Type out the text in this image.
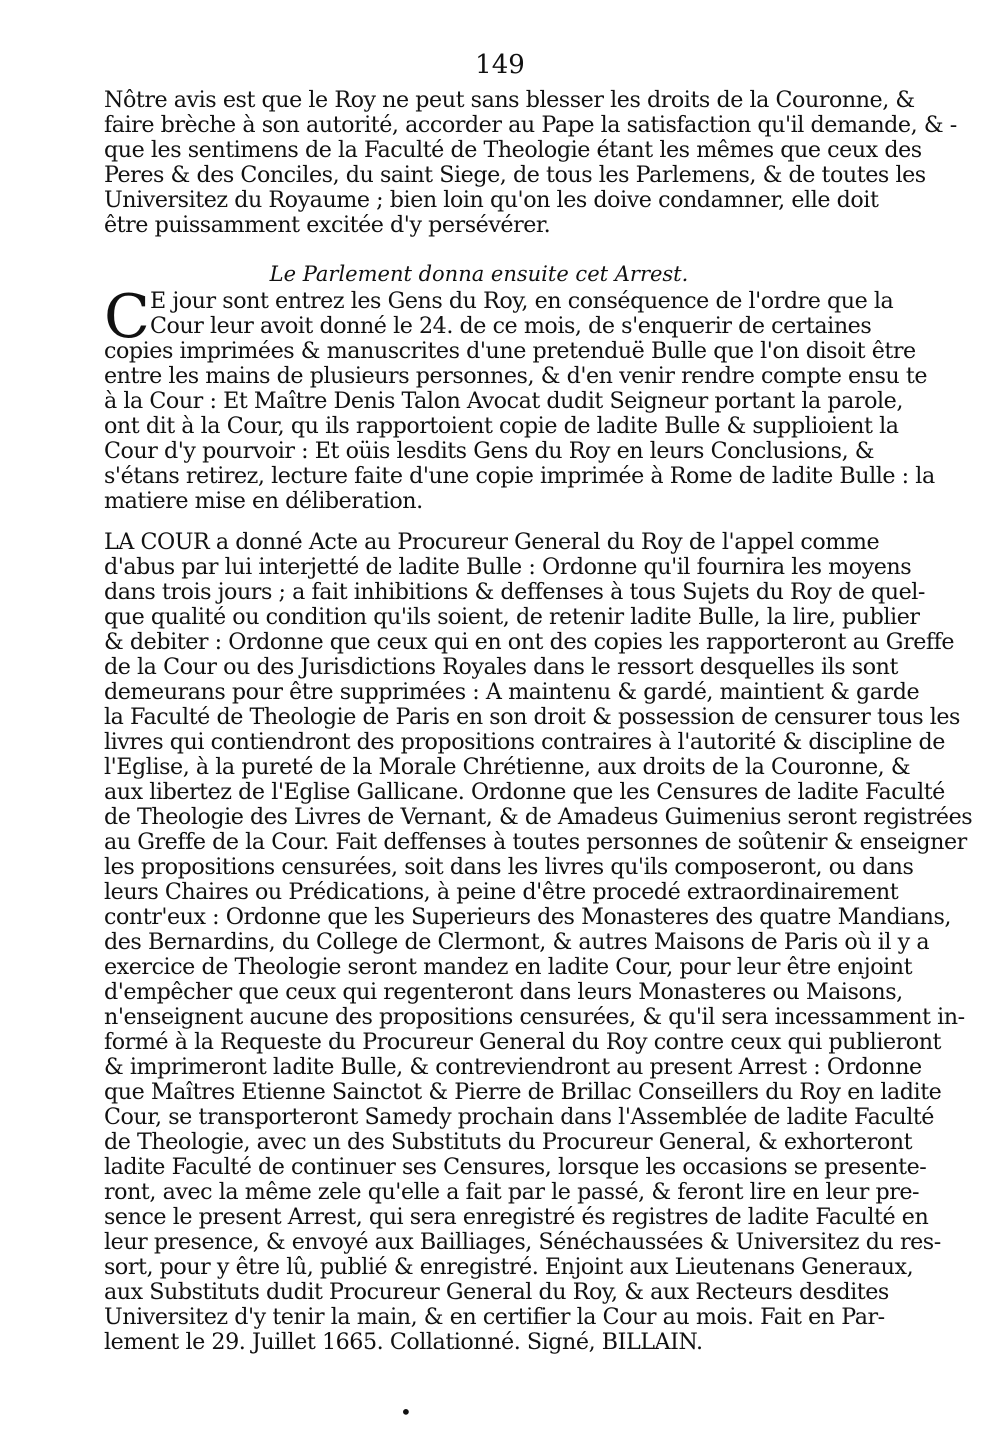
149
Nôtre avis est que le Roy ne peut sans blesser les droits de la Couronne, &
faire brèche à son autorité, accorder au Pape la satisfaction qu'il demande, & -
que les sentimens de la Faculté de Theologie étant les mêmes que ceux des
Peres & des Conciles, du saint Siege, de tous les Parlemens, & de toutes les
Universitez du Royaume ; bien loin qu'on les doive condamner, elle doit
être puissamment excitée d'y persévérer.
Le Parlement donna ensuite cet Arrest.
C E jour sont entrez les Gens du Roy, en conséquence de l'ordre que la
Cour leur avoit donné le 24. de ce mois, de s'enquerir de certaines
copies imprimées & manuscrites d'une pretenduë Bulle que l'on disoit être
entre les mains de plusieurs personnes, & d'en venir rendre compte ensu te
à la Cour : Et Maître Denis Talon Avocat dudit Seigneur portant la parole,
ont dit à la Cour, qu ils rapportoient copie de ladite Bulle & supplioient la
Cour d'y pourvoir : Et oüis lesdits Gens du Roy en leurs Conclusions, &
s'étans retirez, lecture faite d'une copie imprimée à Rome de ladite Bulle : la
matiere mise en déliberation.
LA COUR a donné Acte au Procureur General du Roy de l'appel comme
d'abus par lui interjetté de ladite Bulle : Ordonne qu'il fournira les moyens
dans trois jours ; a fait inhibitions & deffenses à tous Sujets du Roy de quel-
que qualité ou condition qu'ils soient, de retenir ladite Bulle, la lire, publier
& debiter : Ordonne que ceux qui en ont des copies les rapporteront au Greffe
de la Cour ou des Jurisdictions Royales dans le ressort desquelles ils sont
demeurans pour être supprimées : A maintenu & gardé, maintient & garde
la Faculté de Theologie de Paris en son droit & possession de censurer tous les
livres qui contiendront des propositions contraires à l'autorité & discipline de
l'Eglise, à la pureté de la Morale Chrétienne, aux droits de la Couronne, &
aux libertez de l'Eglise Gallicane. Ordonne que les Censures de ladite Faculté
de Theologie des Livres de Vernant, & de Amadeus Guimenius seront registrées
au Greffe de la Cour. Fait deffenses à toutes personnes de soûtenir & enseigner
les propositions censurées, soit dans les livres qu'ils composeront, ou dans
leurs Chaires ou Prédications, à peine d'être procedé extraordinairement
contr'eux : Ordonne que les Superieurs des Monasteres des quatre Mandians,
des Bernardins, du College de Clermont, & autres Maisons de Paris où il y a
exercice de Theologie seront mandez en ladite Cour, pour leur être enjoint
d'empêcher que ceux qui regenteront dans leurs Monasteres ou Maisons,
n'enseignent aucune des propositions censurées, & qu'il sera incessamment in-
formé à la Requeste du Procureur General du Roy contre ceux qui publieront
& imprimeront ladite Bulle, & contreviendront au present Arrest : Ordonne
que Maîtres Etienne Sainctot & Pierre de Brillac Conseillers du Roy en ladite
Cour, se transporteront Samedy prochain dans l'Assemblée de ladite Faculté
de Theologie, avec un des Substituts du Procureur General, & exhorteront
ladite Faculté de continuer ses Censures, lorsque les occasions se presente-
ront, avec la même zele qu'elle a fait par le passé, & feront lire en leur pre-
sence le present Arrest, qui sera enregistré és registres de ladite Faculté en
leur presence, & envoyé aux Bailliages, Sénéchaussées & Universitez du res-
sort, pour y être lû, publié & enregistré. Enjoint aux Lieutenans Generaux,
aux Substituts dudit Procureur General du Roy, & aux Recteurs desdites
Universitez d'y tenir la main, & en certifier la Cour au mois. Fait en Par-
lement le 29. Juillet 1665. Collationné. Signé, BILLAIN.
•
